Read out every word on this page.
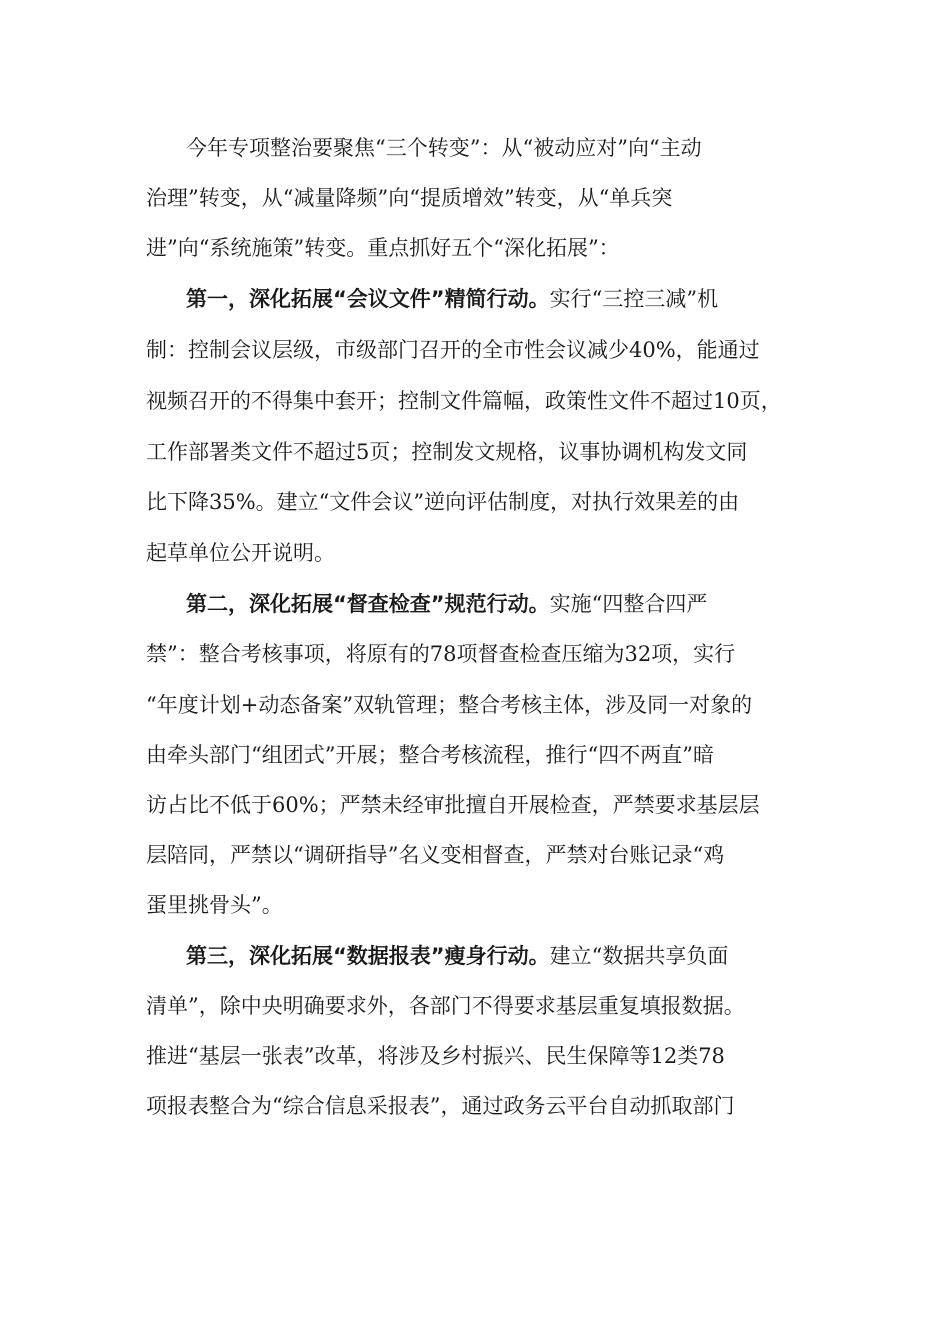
今年专项整治要聚焦“三个转变”：从“被动应对”向“主动
治理”转变，从“减量降频”向“提质增效”转变，从“单兵突
进”向“系统施策”转变。重点抓好五个“深化拓展”：
第一，深化拓展“会议文件”精简行动。实行“三控三减”机
制：控制会议层级，市级部门召开的全市性会议减少40%，能通过
视频召开的不得集中套开；控制文件篇幅，政策性文件不超过10页，
工作部署类文件不超过5页；控制发文规格，议事协调机构发文同
比下降35%。建立“文件会议”逆向评估制度，对执行效果差的由
起草单位公开说明。
第二，深化拓展“督查检查”规范行动。实施“四整合四严
禁”：整合考核事项，将原有的78项督查检查压缩为32项，实行
“年度计划+动态备案”双轨管理；整合考核主体，涉及同一对象的
由牵头部门“组团式”开展；整合考核流程，推行“四不两直”暗
访占比不低于60%；严禁未经审批擅自开展检查，严禁要求基层层
层陪同，严禁以“调研指导”名义变相督查，严禁对台账记录“鸡
蛋里挑骨头”。
第三，深化拓展“数据报表”瘦身行动。建立“数据共享负面
清单”，除中央明确要求外，各部门不得要求基层重复填报数据。
推进“基层一张表”改革，将涉及乡村振兴、民生保障等12类78
项报表整合为“综合信息采报表”，通过政务云平台自动抓取部门
